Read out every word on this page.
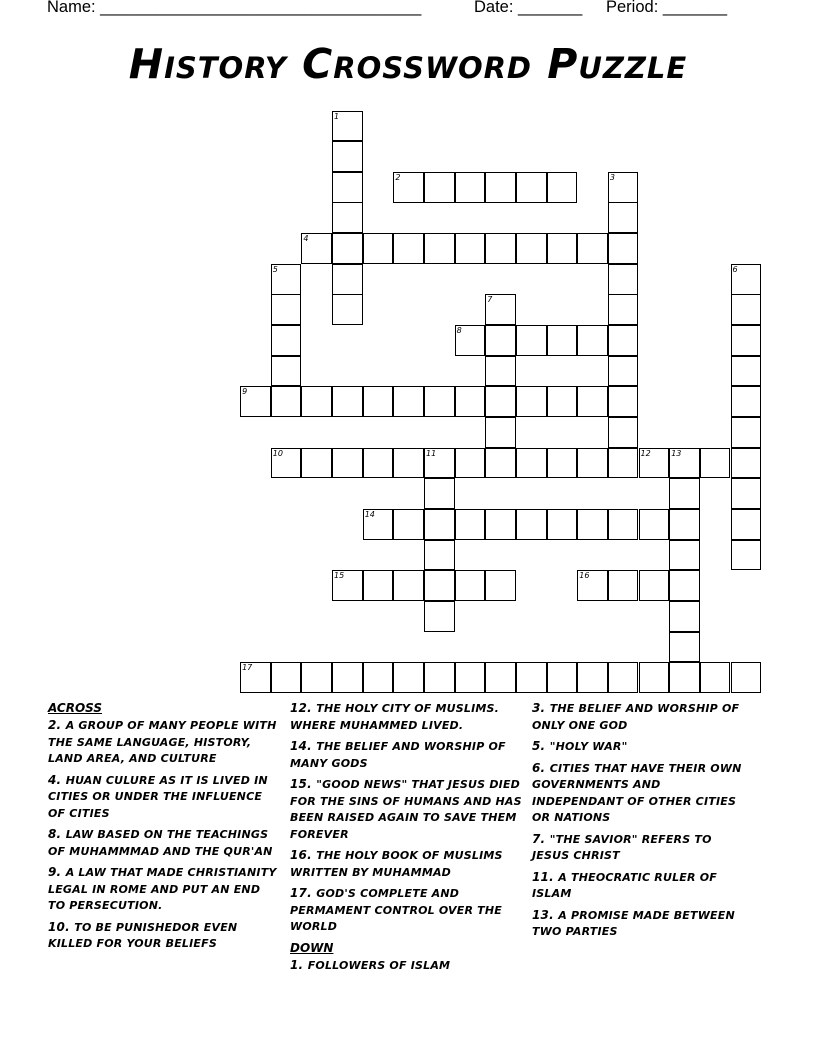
Name: ___________________________________	Date: _______ Period: _______
History Crossword Puzzle
1
2	3
4
5	6
7
8
9
10	11	12	13
14
15	16
17
ACROSS
2. A GROUP OF MANY PEOPLE WITH THE SAME LANGUAGE, HISTORY, LAND AREA, AND CULTURE
4. HUAN CULURE AS IT IS LIVED IN CITIES OR UNDER THE INFLUENCE OF CITIES
8. LAW BASED ON THE TEACHINGS OF MUHAMMMAD AND THE QUR'AN
9. A LAW THAT MADE CHRISTIANITY LEGAL IN ROME AND PUT AN END TO PERSECUTION.
10. TO BE PUNISHEDOR EVEN KILLED FOR YOUR BELIEFS
12. THE HOLY CITY OF MUSLIMS. WHERE MUHAMMED LIVED.
14. THE BELIEF AND WORSHIP OF MANY GODS
15. "GOOD NEWS" THAT JESUS DIED FOR THE SINS OF HUMANS AND HAS BEEN RAISED AGAIN TO SAVE THEM FOREVER
16. THE HOLY BOOK OF MUSLIMS WRITTEN BY MUHAMMAD
17. GOD'S COMPLETE AND PERMAMENT CONTROL OVER THE WORLD
DOWN
1. FOLLOWERS OF ISLAM
3. THE BELIEF AND WORSHIP OF ONLY ONE GOD
5. "HOLY WAR"
6. CITIES THAT HAVE THEIR OWN GOVERNMENTS AND INDEPENDANT OF OTHER CITIES OR NATIONS
7. "THE SAVIOR" REFERS TO JESUS CHRIST
11. A THEOCRATIC RULER OF ISLAM
13. A PROMISE MADE BETWEEN TWO PARTIES
